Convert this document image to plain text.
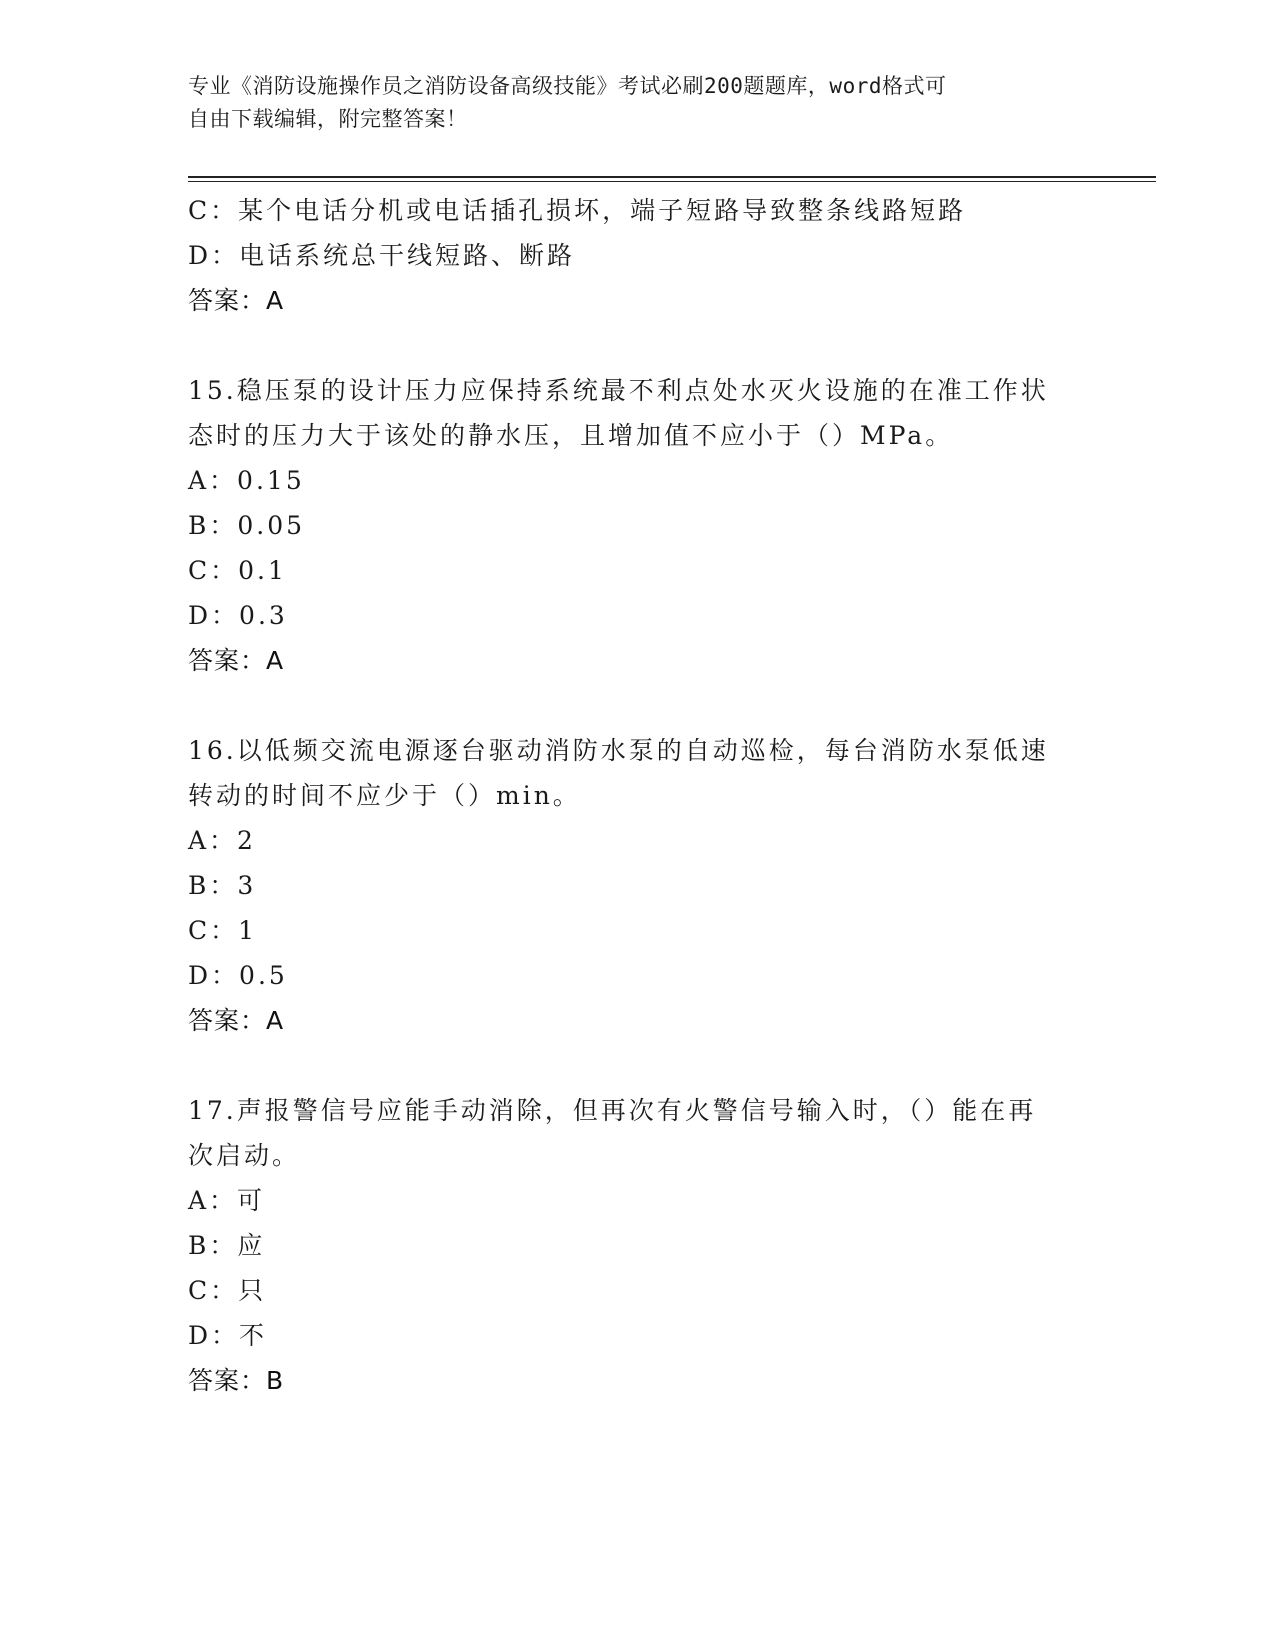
专业《消防设施操作员之消防设备高级技能》考试必刷200题题库，word格式可
自由下载编辑，附完整答案！
C：某个电话分机或电话插孔损坏，端子短路导致整条线路短路
D：电话系统总干线短路、断路
答案：A
15.稳压泵的设计压力应保持系统最不利点处水灭火设施的在准工作状
态时的压力大于该处的静水压，且增加值不应小于（）MPa。
A：0.15
B：0.05
C：0.1
D：0.3
答案：A
16.以低频交流电源逐台驱动消防水泵的自动巡检，每台消防水泵低速
转动的时间不应少于（）min。
A：2
B：3
C：1
D：0.5
答案：A
17.声报警信号应能手动消除，但再次有火警信号输入时，（）能在再
次启动。
A：可
B：应
C：只
D：不
答案：B
